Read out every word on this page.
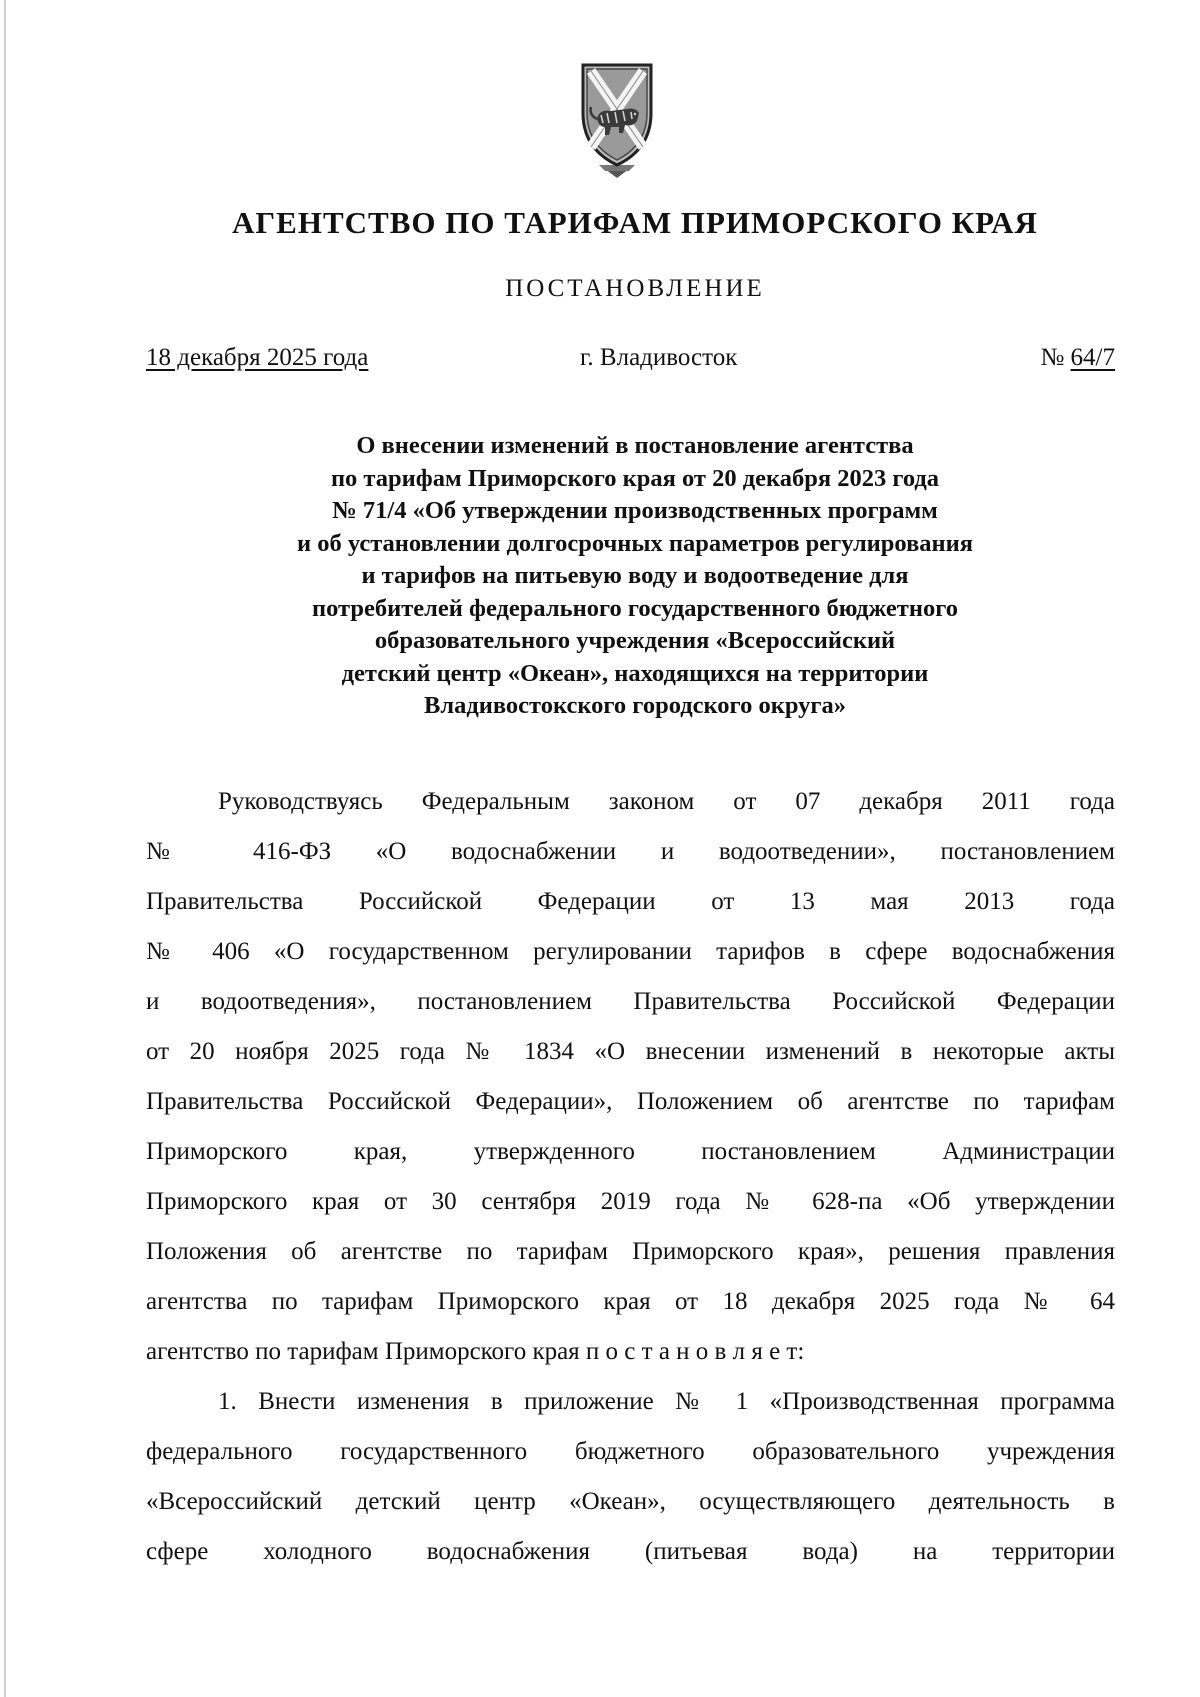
АГЕНТСТВО ПО ТАРИФАМ ПРИМОРСКОГО КРАЯ
ПОСТАНОВЛЕНИЕ
18 декабря 2025 года	г. Владивосток	№ 64/7
О внесении изменений в постановление агентства
по тарифам Приморского края от 20 декабря 2023 года
№ 71/4 «Об утверждении производственных программ
и об установлении долгосрочных параметров регулирования
и тарифов на питьевую воду и водоотведение для
потребителей федерального государственного бюджетного
образовательного учреждения «Всероссийский
детский центр «Океан», находящихся на территории
Владивостокского городского округа»

Руководствуясь Федеральным законом от 07 декабря 2011 года
№ 416-ФЗ «О водоснабжении и водоотведении», постановлением
Правительства Российской Федерации от 13 мая 2013 года
№ 406 «О государственном регулировании тарифов в сфере водоснабжения
и водоотведения», постановлением Правительства Российской Федерации
от 20 ноября 2025 года № 1834 «О внесении изменений в некоторые акты
Правительства Российской Федерации», Положением об агентстве по тарифам
Приморского края, утвержденного постановлением Администрации
Приморского края от 30 сентября 2019 года № 628-па «Об утверждении
Положения об агентстве по тарифам Приморского края», решения правления
агентства по тарифам Приморского края от 18 декабря 2025 года № 64
агентство по тарифам Приморского края п о с т а н о в л я е т:

1. Внести изменения в приложение № 1 «Производственная программа
федерального государственного бюджетного образовательного учреждения
«Всероссийский детский центр «Океан», осуществляющего деятельность в
сфере холодного водоснабжения (питьевая вода) на территории
